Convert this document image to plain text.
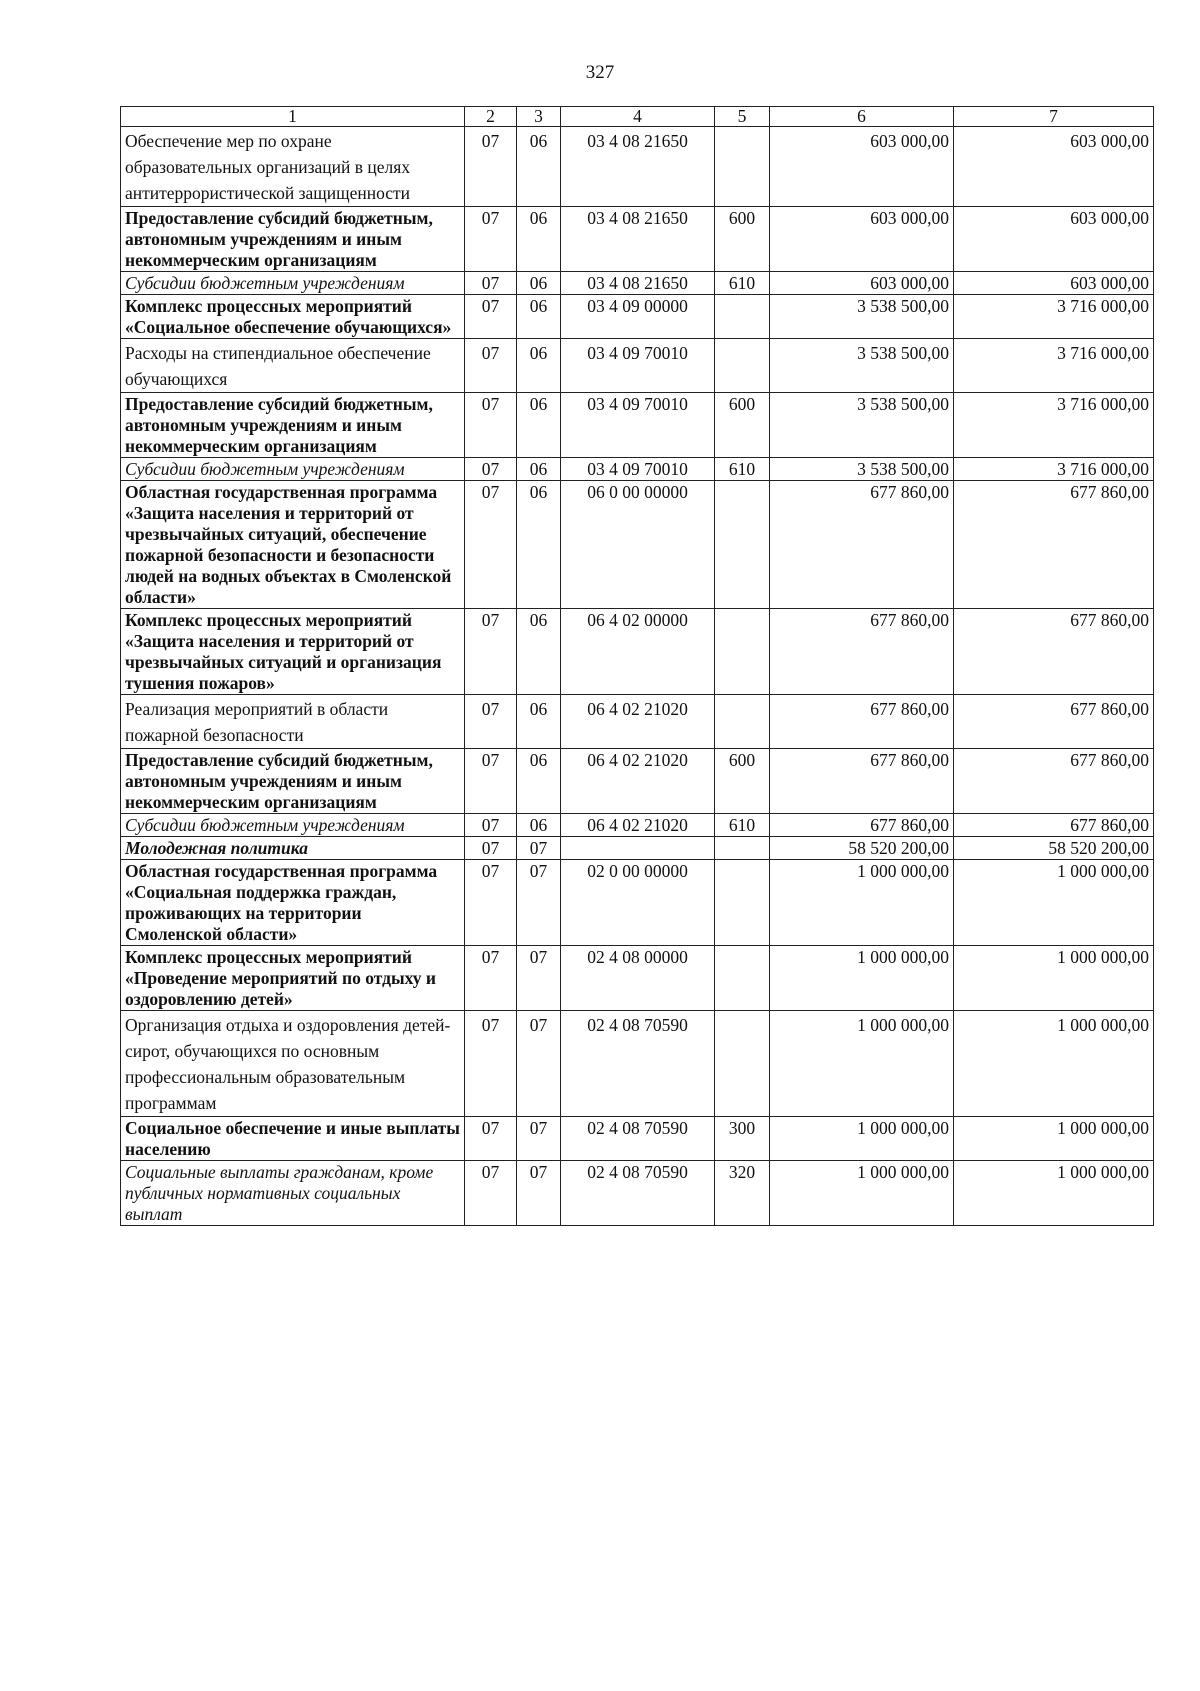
327
1	2	3	4	5	6	7
Обеспечение мер по охране образовательных организаций в целях антитеррористической защищенности	07	06	03 4 08 21650		603 000,00	603 000,00
Предоставление субсидий бюджетным, автономным учреждениям и иным некоммерческим организациям	07	06	03 4 08 21650	600	603 000,00	603 000,00
Субсидии бюджетным учреждениям	07	06	03 4 08 21650	610	603 000,00	603 000,00
Комплекс процессных мероприятий «Социальное обеспечение обучающихся»	07	06	03 4 09 00000		3 538 500,00	3 716 000,00
Расходы на стипендиальное обеспечение обучающихся	07	06	03 4 09 70010		3 538 500,00	3 716 000,00
Предоставление субсидий бюджетным, автономным учреждениям и иным некоммерческим организациям	07	06	03 4 09 70010	600	3 538 500,00	3 716 000,00
Субсидии бюджетным учреждениям	07	06	03 4 09 70010	610	3 538 500,00	3 716 000,00
Областная государственная программа «Защита населения и территорий от чрезвычайных ситуаций, обеспечение пожарной безопасности и безопасности людей на водных объектах в Смоленской области»	07	06	06 0 00 00000		677 860,00	677 860,00
Комплекс процессных мероприятий «Защита населения и территорий от чрезвычайных ситуаций и организация тушения пожаров»	07	06	06 4 02 00000		677 860,00	677 860,00
Реализация мероприятий в области пожарной безопасности	07	06	06 4 02 21020		677 860,00	677 860,00
Предоставление субсидий бюджетным, автономным учреждениям и иным некоммерческим организациям	07	06	06 4 02 21020	600	677 860,00	677 860,00
Субсидии бюджетным учреждениям	07	06	06 4 02 21020	610	677 860,00	677 860,00
Молодежная политика	07	07			58 520 200,00	58 520 200,00
Областная государственная программа «Социальная поддержка граждан, проживающих на территории Смоленской области»	07	07	02 0 00 00000		1 000 000,00	1 000 000,00
Комплекс процессных мероприятий «Проведение мероприятий по отдыху и оздоровлению детей»	07	07	02 4 08 00000		1 000 000,00	1 000 000,00
Организация отдыха и оздоровления детей-сирот, обучающихся по основным профессиональным образовательным программам	07	07	02 4 08 70590		1 000 000,00	1 000 000,00
Социальное обеспечение и иные выплаты населению	07	07	02 4 08 70590	300	1 000 000,00	1 000 000,00
Социальные выплаты гражданам, кроме публичных нормативных социальных выплат	07	07	02 4 08 70590	320	1 000 000,00	1 000 000,00
